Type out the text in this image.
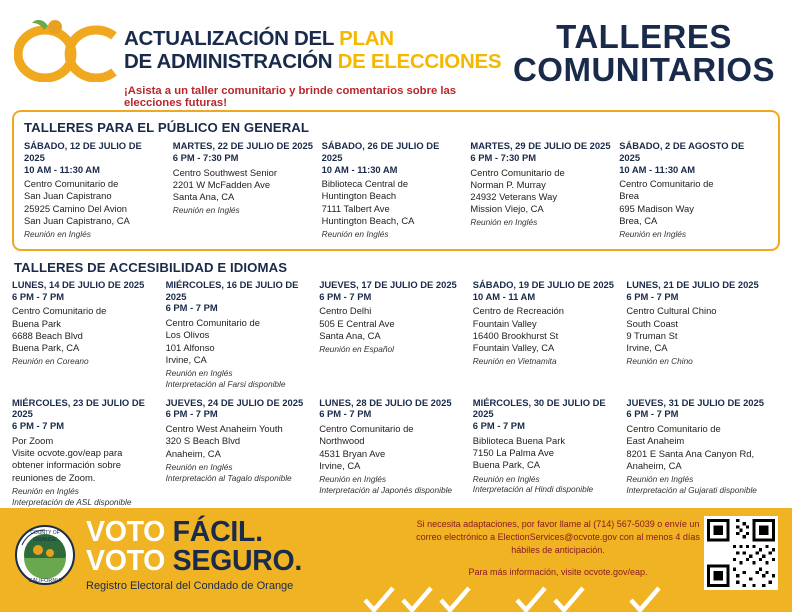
ACTUALIZACIÓN DEL PLAN
DE ADMINISTRACIÓN DE ELECCIONES
¡Asista a un taller comunitario y brinde comentarios sobre las elecciones futuras!
TALLERES
COMUNITARIOS
TALLERES PARA EL PÚBLICO EN GENERAL
SÁBADO, 12 DE JULIO DE 2025
10 AM - 11:30 AM
Centro Comunitario de
San Juan Capistrano
25925 Camino Del Avion
San Juan Capistrano, CA
Reunión en Inglés
MARTES, 22 DE JULIO DE 2025
6 PM - 7:30 PM
Centro Southwest Senior
2201 W McFadden Ave
Santa Ana, CA
Reunión en Inglés
SÁBADO, 26 DE JULIO DE 2025
10 AM - 11:30 AM
Biblioteca Central de
Huntington Beach
7111 Talbert Ave
Huntington Beach, CA
Reunión en Inglés
MARTES, 29 DE JULIO DE 2025
6 PM - 7:30 PM
Centro Comunitario de
Norman P. Murray
24932 Veterans Way
Mission Viejo, CA
Reunión en Inglés
SÁBADO, 2 DE AGOSTO DE 2025
10 AM - 11:30 AM
Centro Comunitario de
Brea
695 Madison Way
Brea, CA
Reunión en Inglés
TALLERES DE ACCESIBILIDAD E IDIOMAS
LUNES, 14 DE JULIO DE 2025
6 PM - 7 PM
Centro Comunitario de
Buena Park
6688 Beach Blvd
Buena Park, CA
Reunión en Coreano
MIÉRCOLES, 16 DE JULIO DE 2025
6 PM - 7 PM
Centro Comunitario de
Los Olivos
101 Alfonso
Irvine, CA
Reunión en Inglés
Interpretación al Farsi disponible
JUEVES, 17 DE JULIO DE 2025
6 PM - 7 PM
Centro Delhi
505 E Central Ave
Santa Ana, CA
Reunión en Español
SÁBADO, 19 DE JULIO DE 2025
10 AM - 11 AM
Centro de Recreación
Fountain Valley
16400 Brookhurst St
Fountain Valley, CA
Reunión en Vietnamita
LUNES, 21 DE JULIO DE 2025
6 PM - 7 PM
Centro Cultural Chino
South Coast
9 Truman St
Irvine, CA
Reunión en Chino
MIÉRCOLES, 23 DE JULIO DE 2025
6 PM - 7 PM
Por Zoom
Visite ocvote.gov/eap para
obtener información sobre
reuniones de Zoom.
Reunión en Inglés
Interpretación de ASL disponible
JUEVES, 24 DE JULIO DE 2025
6 PM - 7 PM
Centro West Anaheim Youth
320 S Beach Blvd
Anaheim, CA
Reunión en Inglés
Interpretación al Tagalo disponible
LUNES, 28 DE JULIO DE 2025
6 PM - 7 PM
Centro Comunitario de
Northwood
4531 Bryan Ave
Irvine, CA
Reunión en Inglés
Interpretación al Japonés disponible
MIÉRCOLES, 30 DE JULIO DE 2025
6 PM - 7 PM
Biblioteca Buena Park
7150 La Palma Ave
Buena Park, CA
Reunión en Inglés
Interpretación al Hindi disponible
JUEVES, 31 DE JULIO DE 2025
6 PM - 7 PM
Centro Comunitario de
East Anaheim
8201 E Santa Ana Canyon Rd,
Anaheim, CA
Reunión en Inglés
Interpretación al Gujarati disponible
COUNTY OF
ORANGE
CALIFORNIA
VOTO FÁCIL.
VOTO SEGURO.
Registro Electoral del Condado de Orange
Si necesita adaptaciones, por favor llame al (714) 567-5039 o envíe un correo electrónico a ElectionServices@ocvote.gov con al menos 4 días hábiles de anticipación.
Para más información, visite ocvote.gov/eap.
